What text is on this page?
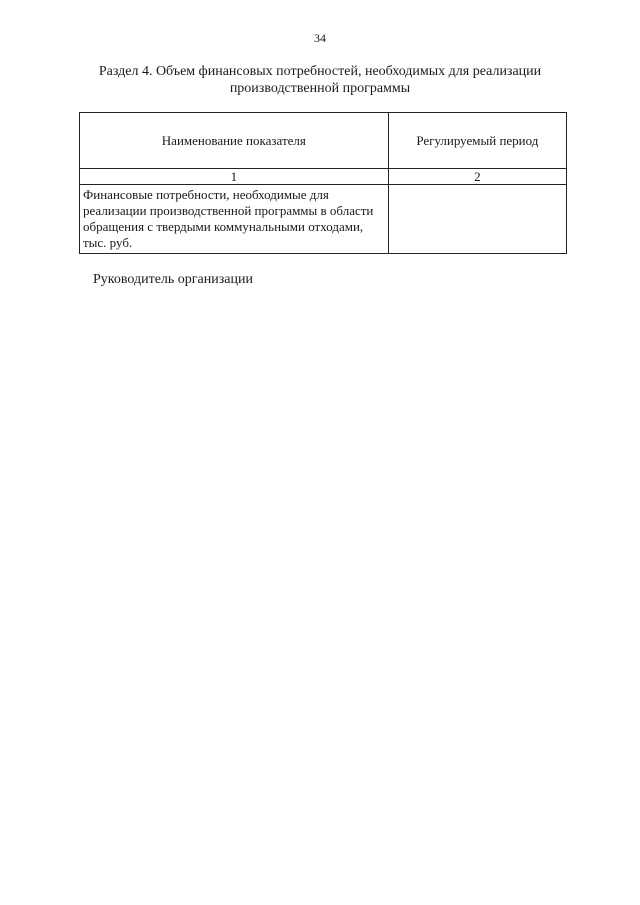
34
Раздел 4. Объем финансовых потребностей, необходимых для реализации производственной программы
Наименование показателя	Регулируемый период
1	2
Финансовые потребности, необходимые для реализации производственной программы в области обращения с твердыми коммунальными отходами, тыс. руб.	
Руководитель организации
